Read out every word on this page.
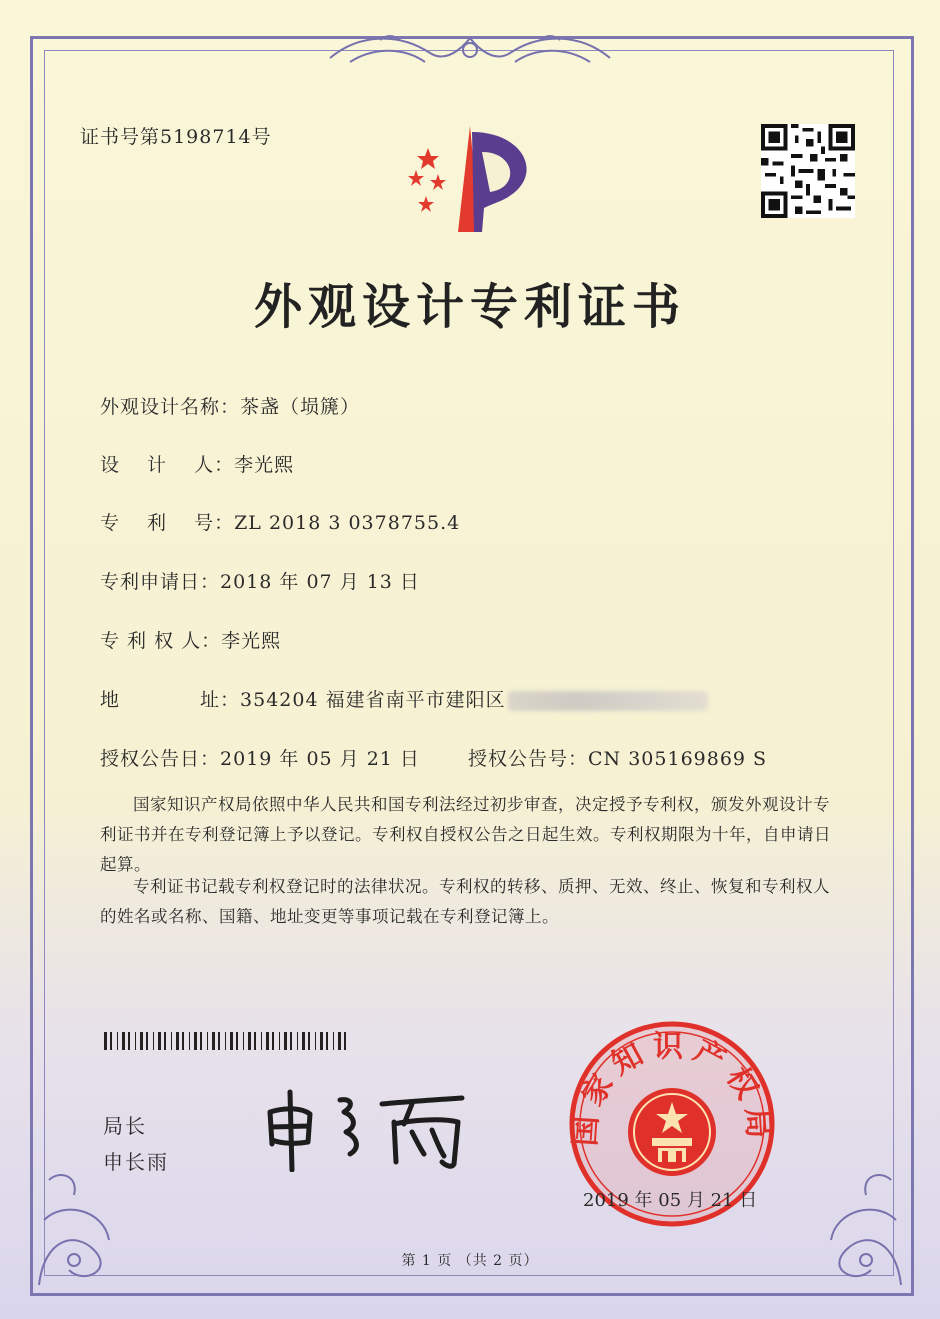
证书号第5198714号
外观设计专利证书
外观设计名称：茶盏（埙篪）
设　 计　 人：李光熙
专　 利　 号：ZL 2018 3 0378755.4
专利申请日：2018 年 07 月 13 日
专 利 权 人：李光熙
地　　　　址：354204 福建省南平市建阳区
授权公告日：2019 年 05 月 21 日	授权公告号：CN 305169869 S
国家知识产权局依照中华人民共和国专利法经过初步审查，决定授予专利权，颁发外观设计专利证书并在专利登记簿上予以登记。专利权自授权公告之日起生效。专利权期限为十年，自申请日起算。
专利证书记载专利权登记时的法律状况。专利权的转移、质押、无效、终止、恢复和专利权人的姓名或名称、国籍、地址变更等事项记载在专利登记簿上。
局长
申长雨
国家知识产权局
2019 年 05 月 21 日
第 1 页 （共 2 页）
